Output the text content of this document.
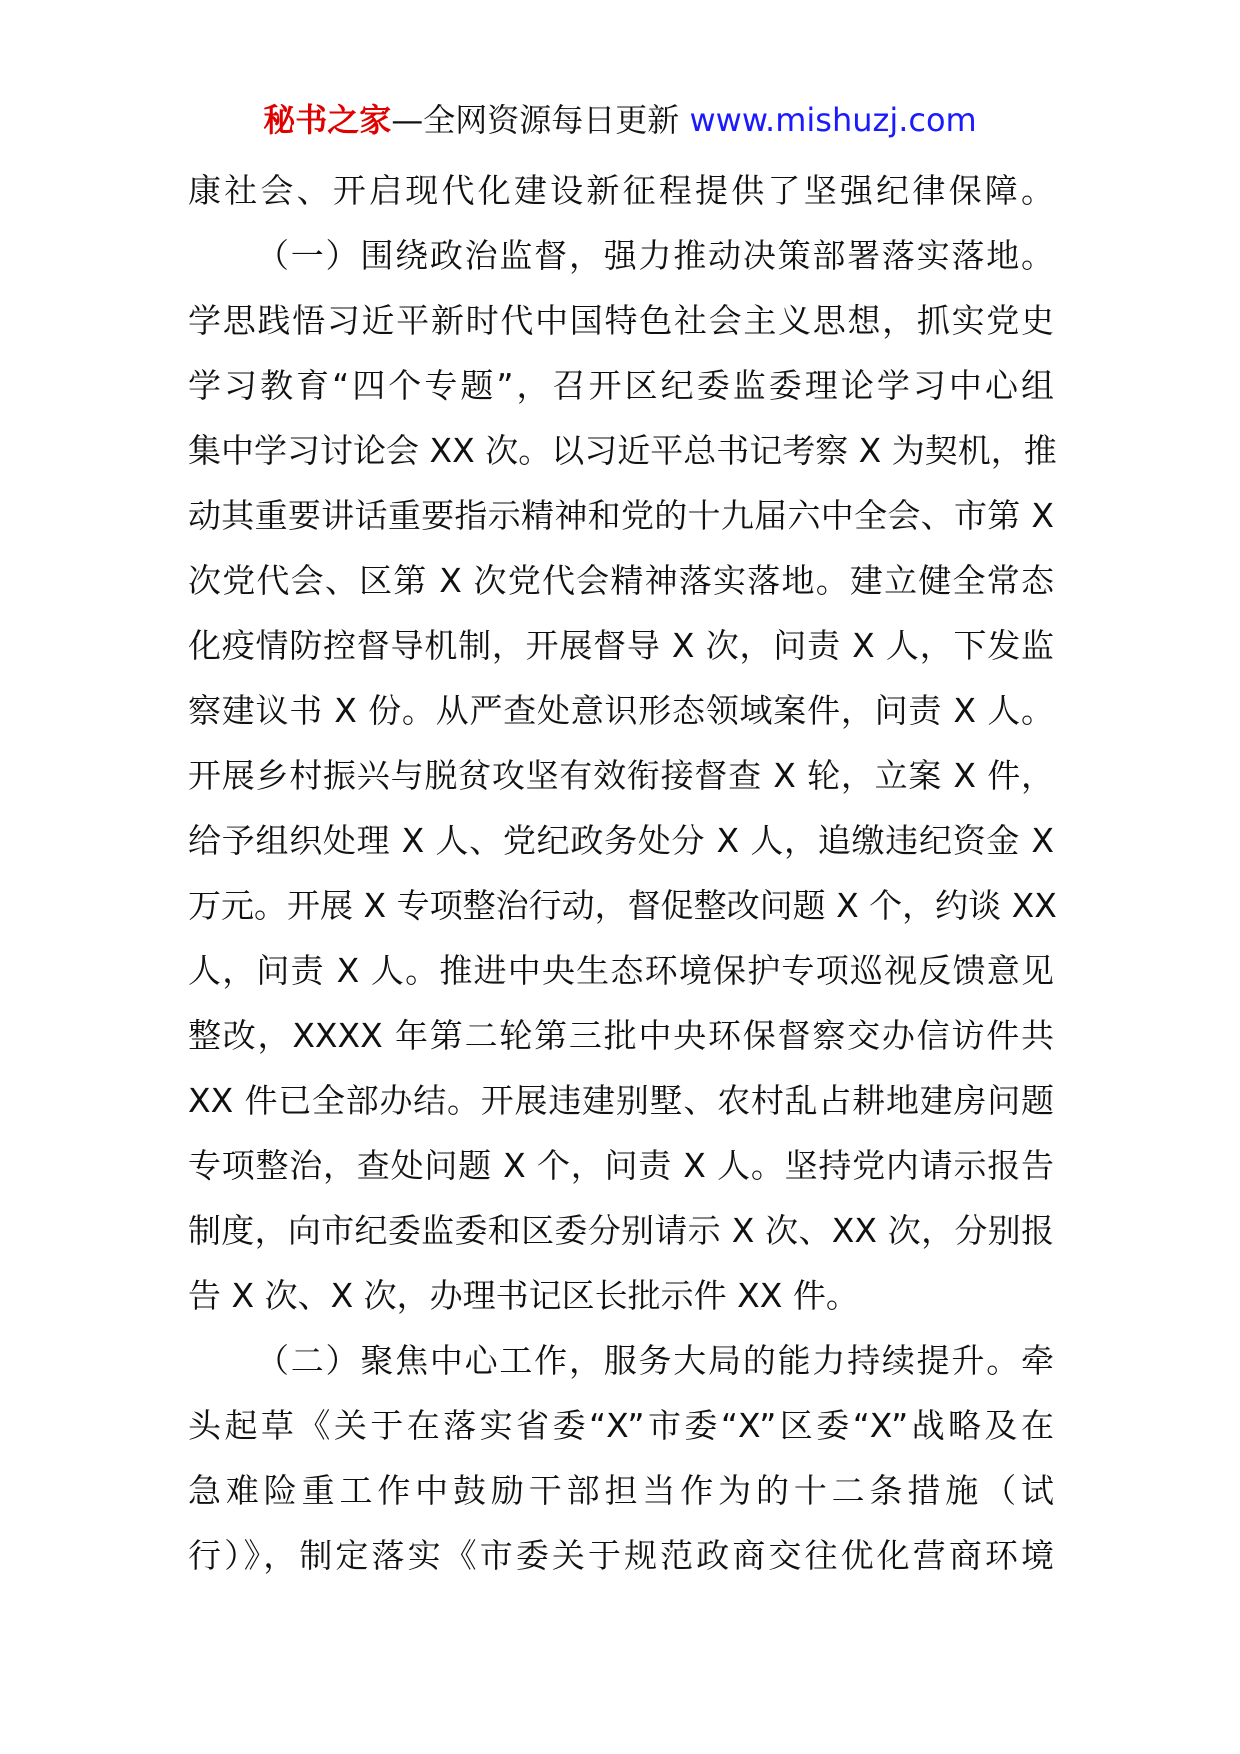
秘书之家—全网资源每日更新 www.mishuzj.com
康社会、开启现代化建设新征程提供了坚强纪律保障。
（一）围绕政治监督，强力推动决策部署落实落地。
学思践悟习近平新时代中国特色社会主义思想，抓实党史
学习教育“四个专题”，召开区纪委监委理论学习中心组
集中学习讨论会 XX 次。以习近平总书记考察 X 为契机，推
动其重要讲话重要指示精神和党的十九届六中全会、市第 X
次党代会、区第 X 次党代会精神落实落地。建立健全常态
化疫情防控督导机制，开展督导 X 次，问责 X 人，下发监
察建议书 X 份。从严查处意识形态领域案件，问责 X 人。
开展乡村振兴与脱贫攻坚有效衔接督查 X 轮，立案 X 件，
给予组织处理 X 人、党纪政务处分 X 人，追缴违纪资金 X
万元。开展 X 专项整治行动，督促整改问题 X 个，约谈 XX
人，问责 X 人。推进中央生态环境保护专项巡视反馈意见
整改，XXXX 年第二轮第三批中央环保督察交办信访件共
XX 件已全部办结。开展违建别墅、农村乱占耕地建房问题
专项整治，查处问题 X 个，问责 X 人。坚持党内请示报告
制度，向市纪委监委和区委分别请示 X 次、XX 次，分别报
告 X 次、X 次，办理书记区长批示件 XX 件。
（二）聚焦中心工作，服务大局的能力持续提升。牵
头起草《关于在落实省委“X”市委“X”区委“X”战略及在
急难险重工作中鼓励干部担当作为的十二条措施（试
行）》，制定落实《市委关于规范政商交往优化营商环境
